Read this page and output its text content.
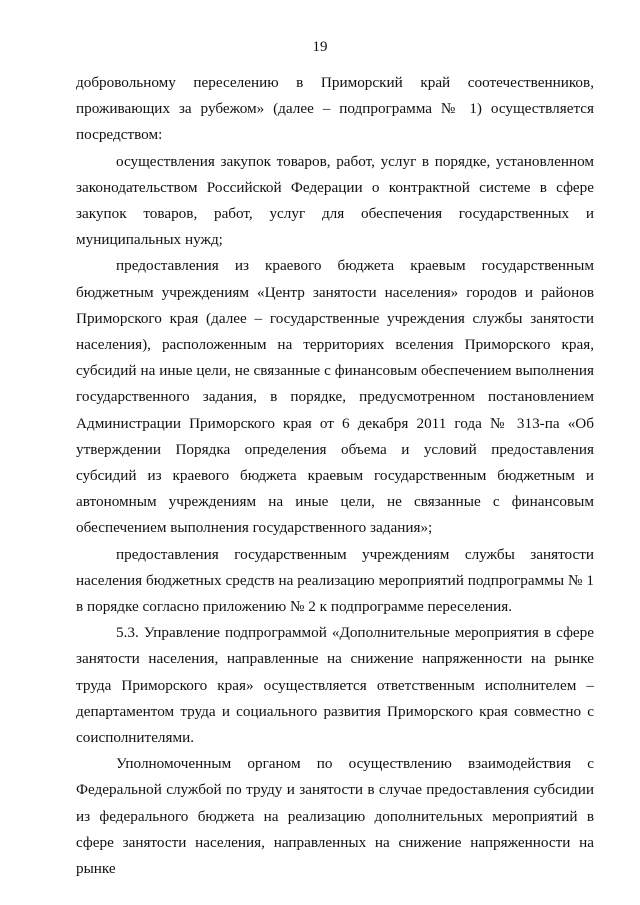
19

добровольному переселению в Приморский край соотечественников, проживающих за рубежом» (далее – подпрограмма № 1) осуществляется посредством:

осуществления закупок товаров, работ, услуг в порядке, установленном законодательством Российской Федерации о контрактной системе в сфере закупок товаров, работ, услуг для обеспечения государственных и муниципальных нужд;

предоставления из краевого бюджета краевым государственным бюджетным учреждениям «Центр занятости населения» городов и районов Приморского края (далее – государственные учреждения службы занятости населения), расположенным на территориях вселения Приморского края, субсидий на иные цели, не связанные с финансовым обеспечением выполнения государственного задания, в порядке, предусмотренном постановлением Администрации Приморского края от 6 декабря 2011 года № 313-па «Об утверждении Порядка определения объема и условий предоставления субсидий из краевого бюджета краевым государственным бюджетным и автономным учреждениям на иные цели, не связанные с финансовым обеспечением выполнения государственного задания»;

предоставления государственным учреждениям службы занятости населения бюджетных средств на реализацию мероприятий подпрограммы № 1 в порядке согласно приложению № 2 к подпрограмме переселения.

5.3. Управление подпрограммой «Дополнительные мероприятия в сфере занятости населения, направленные на снижение напряженности на рынке труда Приморского края» осуществляется ответственным исполнителем – департаментом труда и социального развития Приморского края совместно с соисполнителями.

Уполномоченным органом по осуществлению взаимодействия с Федеральной службой по труду и занятости в случае предоставления субсидии из федерального бюджета на реализацию дополнительных мероприятий в сфере занятости населения, направленных на снижение напряженности на рынке
